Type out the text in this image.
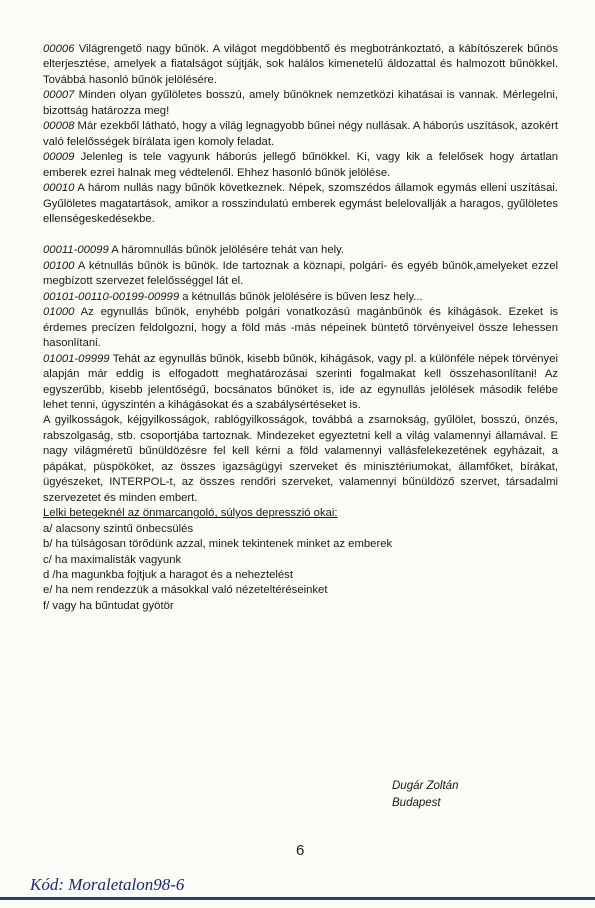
00006 Világrengető nagy bűnök. A világot megdöbbentő és megbotránkoztató, a kábítószerek bűnös elterjesztése, amelyek a fiatalságot sújtják, sok halálos kimenetelű áldozattal és halmozott bűnökkel. Továbbá hasonló bűnök jelölésére.

00007 Minden olyan gyűlöletes bosszú, amely bűnöknek nemzetközi kihatásai is vannak. Mérlegelni, bizottság határozza meg!

00008 Már ezekből látható, hogy a világ legnagyobb bűnei négy nullásak. A háborús uszítások, azokért való felelősségek bírálata igen komoly feladat.

00009 Jelenleg is tele vagyunk háborús jellegő bűnökkel. Ki, vagy kik a felelősek hogy ártatlan emberek ezrei halnak meg védtelenől. Ehhez hasonló bűnök jelölése.

00010 A három nullás nagy bűnök következnek. Népek, szomszédos államok egymás elleni uszításai. Gyűlöletes magatartások, amikor a rosszindulatú emberek egymást belelovallják a haragos, gyűlöletes ellenségeskedésekbe.

00011-00099 A háromnullás bűnök jelölésére tehát van hely.

00100 A kétnullás bűnök is bűnök. Ide tartoznak a köznapi, polgári- és egyéb bűnök,amelyeket ezzel megbízott szervezet felelősséggel lát el.

00101-00110-00199-00999 a kétnullás bűnök jelölésére is bűven lesz hely...

01000 Az egynullás bűnök, enyhébb polgári vonatkozású magánbűnök és kihágások. Ezeket is érdemes precízen feldolgozni, hogy a föld más -más népeinek büntető törvényeivel össze lehessen hasonlítani.

01001-09999 Tehát az egynullás bűnök, kisebb bűnök, kihágások, vagy pl. a különféle népek törvényei alapján már eddig is elfogadott meghatározásai szerinti fogalmakat kell összehasonlítani! Az egyszerűbb, kisebb jelentőségű, bocsánatos bűnöket is, ide az egynullás jelölések második felébe lehet tenni, úgyszintén a kihágásokat és a szabálysértéseket is.

A gyilkosságok, kéjgyilkosságok, rablógyilkosságok, továbbá a zsarnokság, gyűlölet, bosszú, önzés, rabszolgaság, stb. csoportjába tartoznak. Mindezeket egyeztetni kell a világ valamennyi államával. E nagy világméretű bűnüldözésre fel kell kérni a föld valamennyi vallásfelekezetének egyházait, a pápákat, püspököket, az összes igazságügyi szerveket és minisztériumokat, államfőket, bírákat, ügyészeket, INTERPOL-t, az összes rendőri szerveket, valamennyi bűnüldöző szervet, társadalmi szervezetet és minden embert.

Lelki betegeknél az önmarcangoló, súlyos depresszió okai:

a/ alacsony szintű önbecsülés

b/ ha túlságosan törődünk azzal, minek tekintenek minket az emberek

c/ ha maximalisták vagyunk

d /ha magunkba fojtjuk a haragot és a neheztelést

e/ ha nem rendezzük a másokkal való nézeteltéréseinket

f/ vagy ha bűntudat gyötör

Dugár Zoltán
Budapest
6
Kód: Moraletalon98-6
